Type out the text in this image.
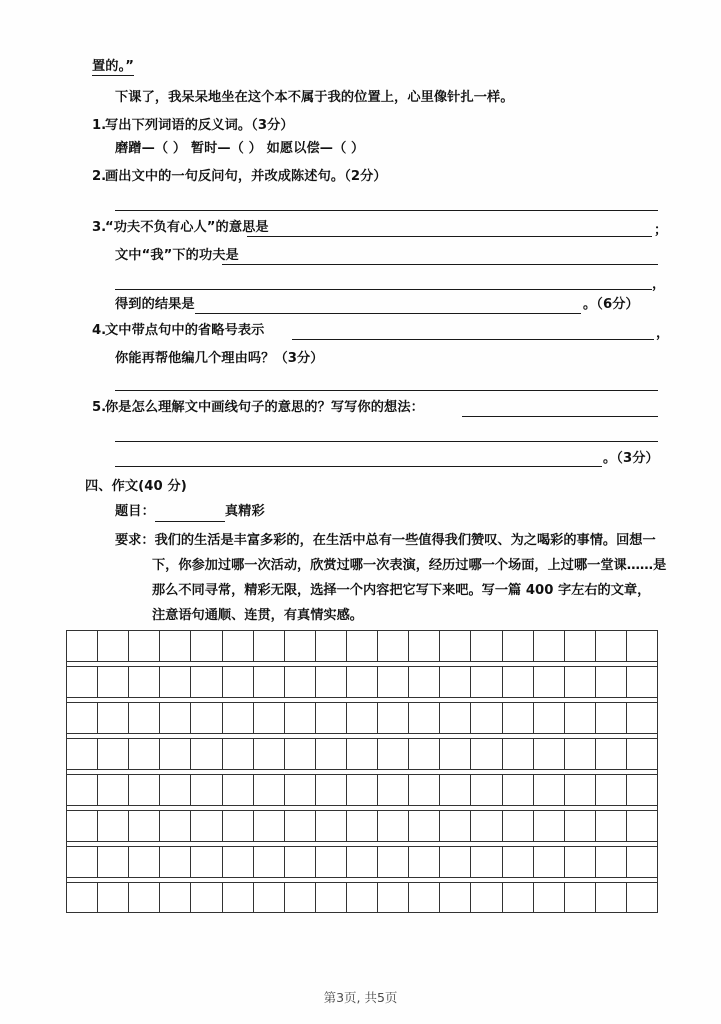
置的。”
下课了，我呆呆地坐在这个本不属于我的位置上，心里像针扎一样。
1.
写出下列词语的反义词。（3分）
磨蹭—（ ） 暂时—（ ） 如愿以偿—（ ）
2.
画出文中的一句反问句，并改成陈述句。（2分）
3.
“功夫不负有心人”的意思是	；
文中“我”下的功夫是
，
得到的结果是	。（6分）
4.
文中带点句中的省略号表示	，
你能再帮他编几个理由吗？（3分）
5.
你是怎么理解文中画线句子的意思的？写写你的想法：
。（3分）
四、作文(40 分)
题目：	真精彩
要求：我们的生活是丰富多彩的，在生活中总有一些值得我们赞叹、为之喝彩的事情。回想一
下，你参加过哪一次活动，欣赏过哪一次表演，经历过哪一个场面，上过哪一堂课……是
那么不同寻常，精彩无限，选择一个内容把它写下来吧。写一篇 400 字左右的文章，
注意语句通顺、连贯，有真情实感。
第3页, 共5页
